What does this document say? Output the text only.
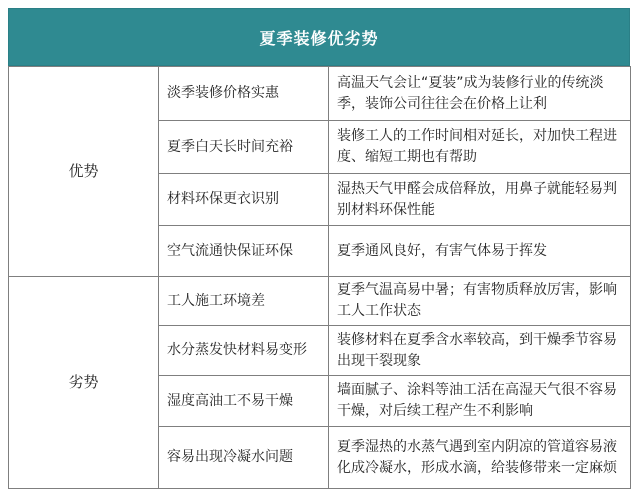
夏季装修优劣势
优势	淡季装修价格实惠	高温天气会让“夏装”成为装修行业的传统淡季，装饰公司往往会在价格上让利
	夏季白天长时间充裕	装修工人的工作时间相对延长，对加快工程进度、缩短工期也有帮助
	材料环保更衣识别	湿热天气甲醛会成倍释放，用鼻子就能轻易判别材料环保性能
	空气流通快保证环保	夏季通风良好，有害气体易于挥发
劣势	工人施工环境差	夏季气温高易中暑；有害物质释放厉害，影响工人工作状态
	水分蒸发快材料易变形	装修材料在夏季含水率较高，到干燥季节容易出现干裂现象
	湿度高油工不易干燥	墙面腻子、涂料等油工活在高湿天气很不容易干燥，对后续工程产生不利影响
	容易出现冷凝水问题	夏季湿热的水蒸气遇到室内阴凉的管道容易液化成冷凝水，形成水滴，给装修带来一定麻烦
